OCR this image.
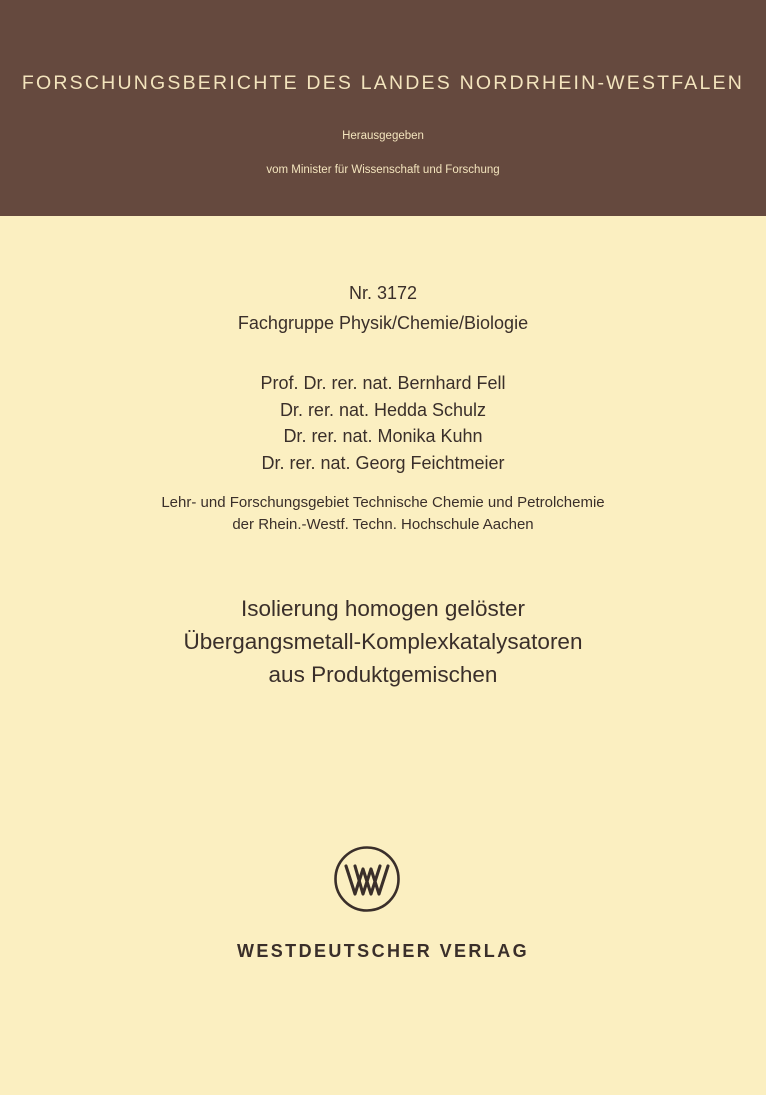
FORSCHUNGSBERICHTE DES LANDES NORDRHEIN-WESTFALEN
Herausgegeben
vom Minister für Wissenschaft und Forschung
Nr. 3172
Fachgruppe Physik/Chemie/Biologie
Prof. Dr. rer. nat. Bernhard Fell
Dr. rer. nat. Hedda Schulz
Dr. rer. nat. Monika Kuhn
Dr. rer. nat. Georg Feichtmeier
Lehr- und Forschungsgebiet Technische Chemie und Petrolchemie
der Rhein.-Westf. Techn. Hochschule Aachen
Isolierung homogen gelöster
Übergangsmetall-Komplexkatalysatoren
aus Produktgemischen
WESTDEUTSCHER VERLAG
